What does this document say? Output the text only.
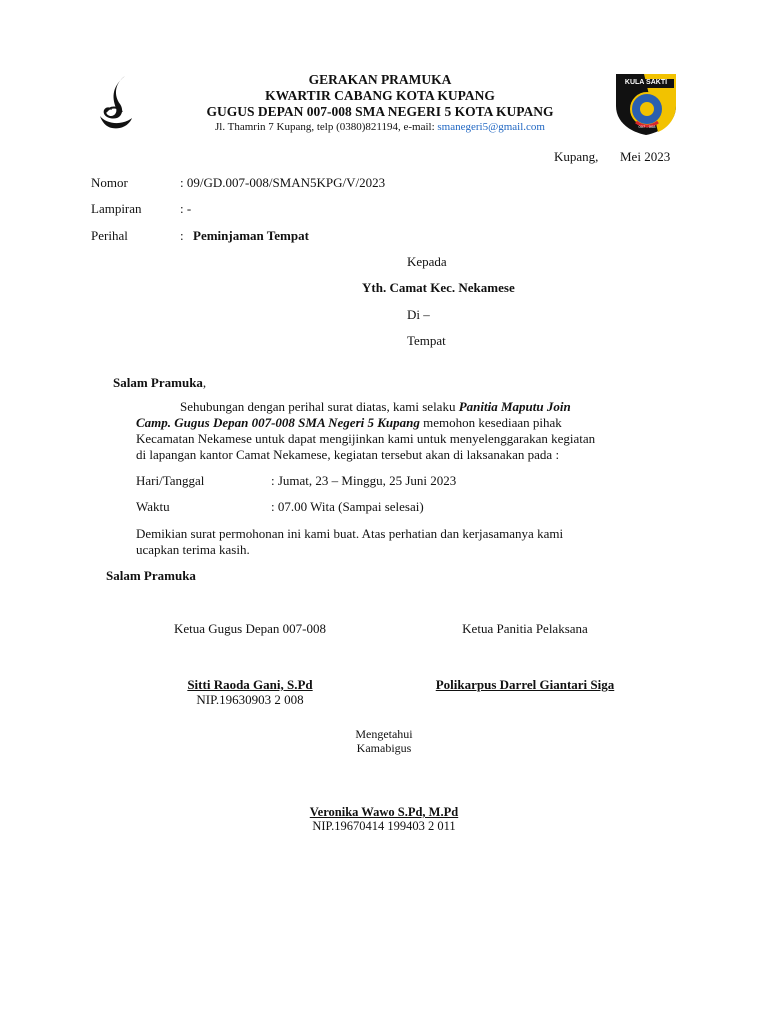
KULA SAKTI
007 - 008
GERAKAN PRAMUKA
KWARTIR CABANG KOTA KUPANG
GUGUS DEPAN 007-008 SMA NEGERI 5 KOTA KUPANG
Jl. Thamrin 7 Kupang, telp (0380)821194, e-mail: smanegeri5@gmail.com
Kupang, Mei 2023
Nomor	: 09/GD.007-008/SMAN5KPG/V/2023
Lampiran	: -
Perihal	: Peminjaman Tempat
Kepada
Yth. Camat Kec. Nekamese
Di –
Tempat
Salam Pramuka,
Sehubungan dengan perihal surat diatas, kami selaku Panitia Maputu Join
Camp. Gugus Depan 007-008 SMA Negeri 5 Kupang memohon kesediaan pihak
Kecamatan Nekamese untuk dapat mengijinkan kami untuk menyelenggarakan kegiatan
di lapangan kantor Camat Nekamese, kegiatan tersebut akan di laksanakan pada :
Hari/Tanggal	: Jumat, 23 – Minggu, 25 Juni 2023
Waktu	: 07.00 Wita (Sampai selesai)
Demikian surat permohonan ini kami buat. Atas perhatian dan kerjasamanya kami
ucapkan terima kasih.
Salam Pramuka
Ketua Gugus Depan 007-008	Ketua Panitia Pelaksana
Sitti Raoda Gani, S.Pd
NIP.19630903 2 008
Polikarpus Darrel Giantari Siga
Mengetahui
Kamabigus
Veronika Wawo S.Pd, M.Pd
NIP.19670414 199403 2 011
